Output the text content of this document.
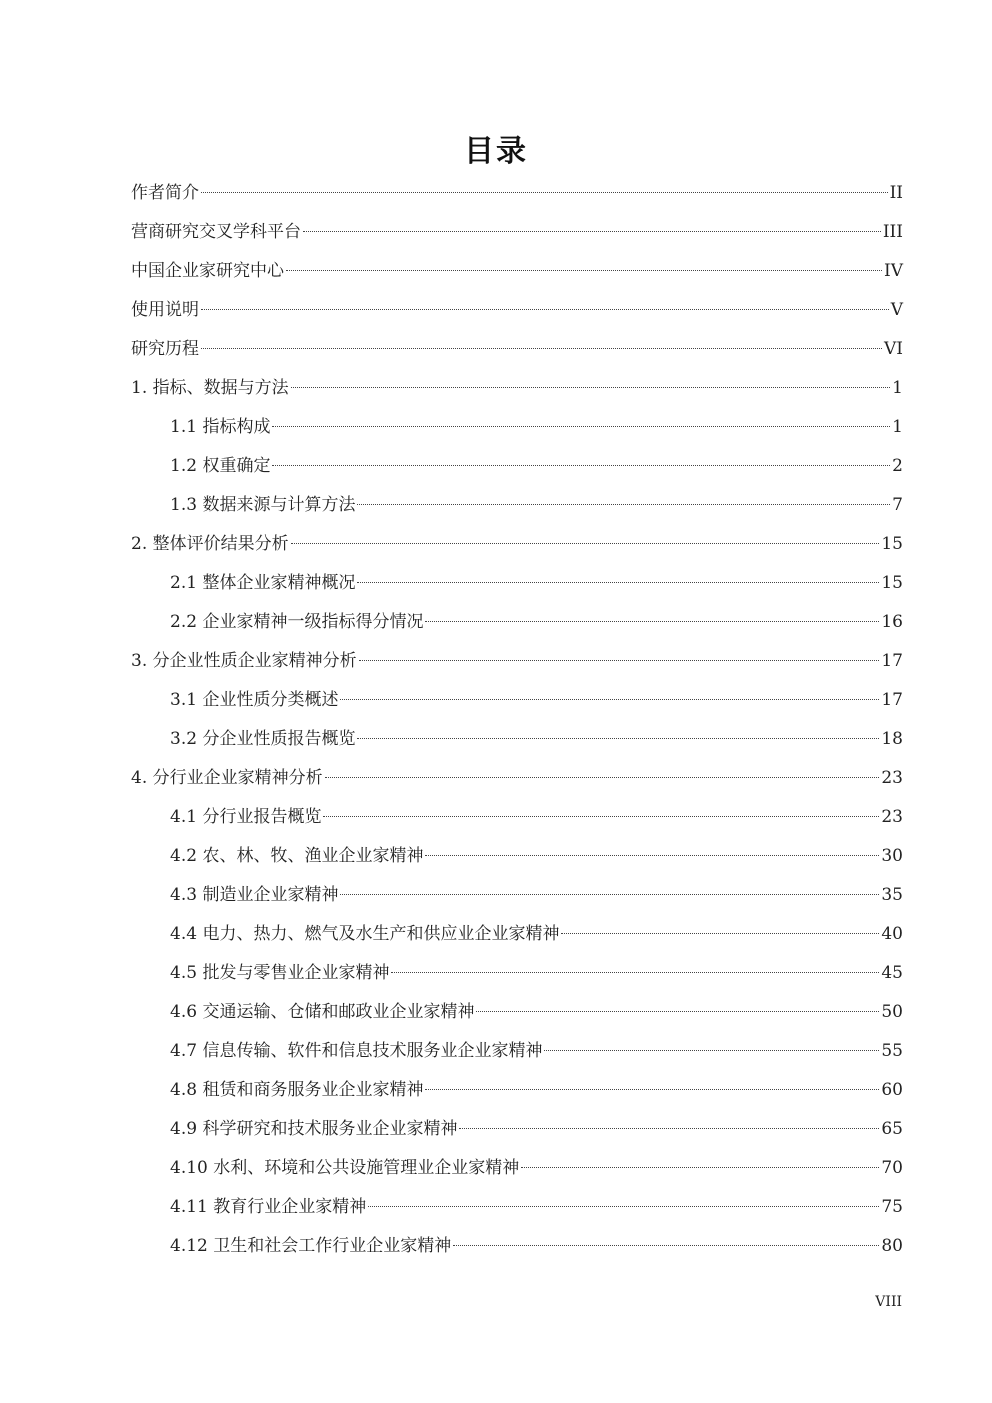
目录
作者简介	II
营商研究交叉学科平台	III
中国企业家研究中心	IV
使用说明	V
研究历程	VI
1. 指标、数据与方法	1
1.1 指标构成	1
1.2 权重确定	2
1.3 数据来源与计算方法	7
2. 整体评价结果分析	15
2.1 整体企业家精神概况	15
2.2 企业家精神一级指标得分情况	16
3. 分企业性质企业家精神分析	17
3.1 企业性质分类概述	17
3.2 分企业性质报告概览	18
4. 分行业企业家精神分析	23
4.1 分行业报告概览	23
4.2 农、林、牧、渔业企业家精神	30
4.3 制造业企业家精神	35
4.4 电力、热力、燃气及水生产和供应业企业家精神	40
4.5 批发与零售业企业家精神	45
4.6 交通运输、仓储和邮政业企业家精神	50
4.7 信息传输、软件和信息技术服务业企业家精神	55
4.8 租赁和商务服务业企业家精神	60
4.9 科学研究和技术服务业企业家精神	65
4.10 水利、环境和公共设施管理业企业家精神	70
4.11 教育行业企业家精神	75
4.12 卫生和社会工作行业企业家精神	80
VIII
